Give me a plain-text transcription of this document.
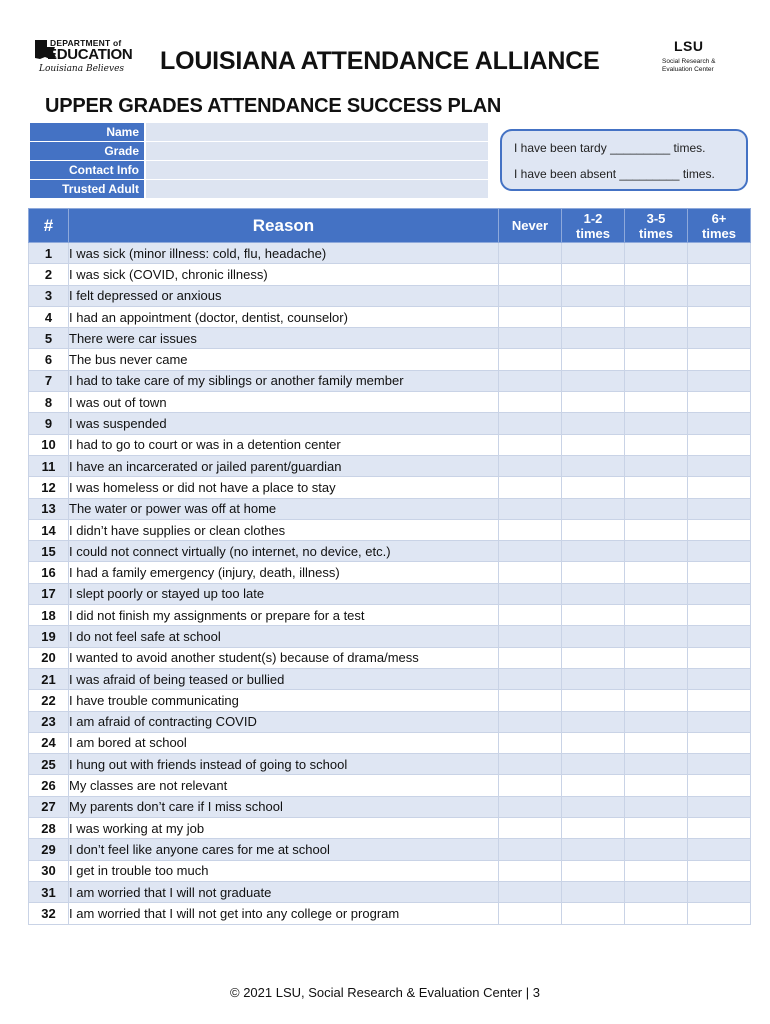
DEPARTMENT of
EDUCATION
Louisiana Believes LOUISIANA ATTENDANCE ALLIANCE
LSU
Social Research &
Evaluation Center
UPPER GRADES ATTENDANCE SUCCESS PLAN
Name
Grade
Contact Info
Trusted Adult
I have been tardy _________ times.
I have been absent _________ times.
#	Reason	Never	1-2
times	3-5
times	6+
times
1	I was sick (minor illness: cold, flu, headache)				
2	I was sick (COVID, chronic illness)				
3	I felt depressed or anxious				
4	I had an appointment (doctor, dentist, counselor)				
5	There were car issues				
6	The bus never came				
7	I had to take care of my siblings or another family member				
8	I was out of town				
9	I was suspended				
10	I had to go to court or was in a detention center				
11	I have an incarcerated or jailed parent/guardian				
12	I was homeless or did not have a place to stay				
13	The water or power was off at home				
14	I didn’t have supplies or clean clothes				
15	I could not connect virtually (no internet, no device, etc.)				
16	I had a family emergency (injury, death, illness)				
17	I slept poorly or stayed up too late				
18	I did not finish my assignments or prepare for a test				
19	I do not feel safe at school				
20	I wanted to avoid another student(s) because of drama/mess				
21	I was afraid of being teased or bullied				
22	I have trouble communicating				
23	I am afraid of contracting COVID				
24	I am bored at school				
25	I hung out with friends instead of going to school				
26	My classes are not relevant				
27	My parents don’t care if I miss school				
28	I was working at my job				
29	I don’t feel like anyone cares for me at school				
30	I get in trouble too much				
31	I am worried that I will not graduate				
32	I am worried that I will not get into any college or program				
© 2021 LSU, Social Research & Evaluation Center | 3
